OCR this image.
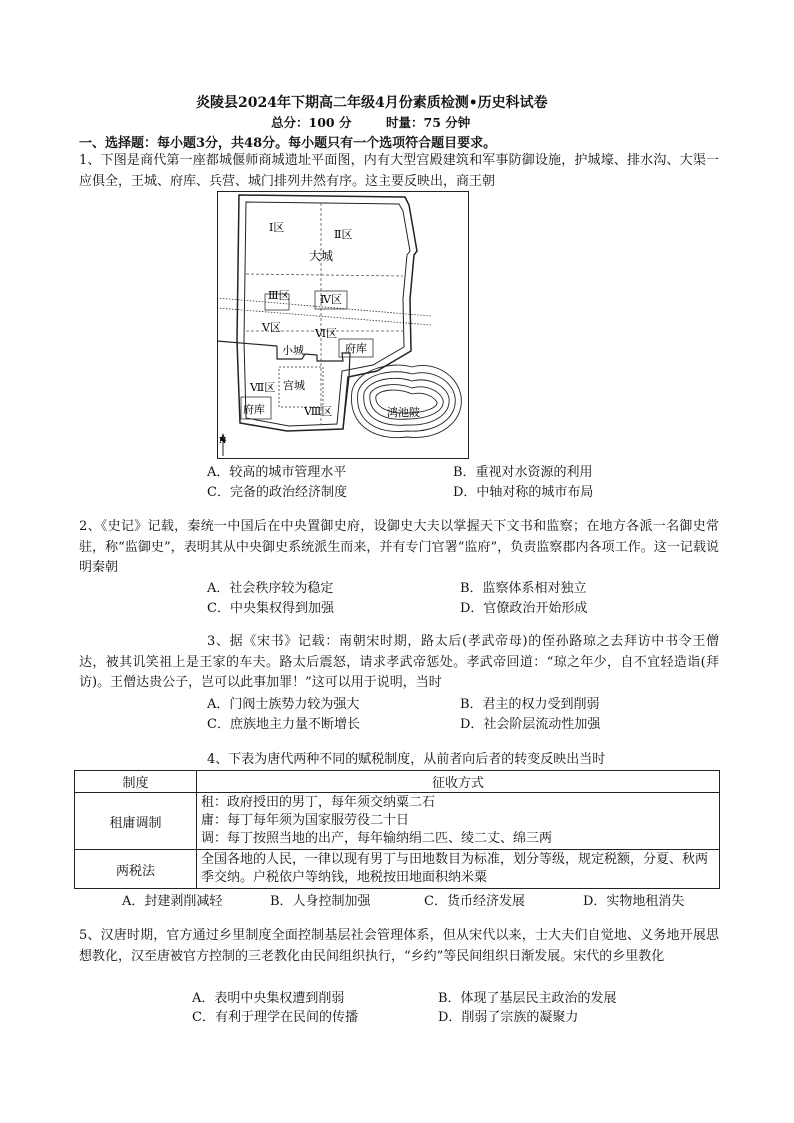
炎陵县2024年下期高二年级4月份素质检测•历史科试卷
总分：100 分	时量：75 分钟
一、选择题：每小题3分，共48分。每小题只有一个选项符合题目要求。
1、下图是商代第一座都城偃师商城遗址平面图，内有大型宫殿建筑和军事防御设施，护城壕、排水沟、大渠一应俱全，王城、府库、兵营、城门排列井然有序。这主要反映出，商王朝
Ⅰ区
Ⅱ区
大城
Ⅲ区	Ⅳ区
Ⅴ区	Ⅵ区
府库
小城
Ⅶ区 宫城
府库	Ⅷ区	鸿池陂
N
A．较高的城市管理水平	B．重视对水资源的利用
C．完备的政治经济制度	D．中轴对称的城市布局
2、《史记》记载，秦统一中国后在中央置御史府，设御史大夫以掌握天下文书和监察；在地方各派一名御史常驻，称“监御史”，表明其从中央御史系统派生而来，并有专门官署“监府”，负责监察郡内各项工作。这一记载说明秦朝
A．社会秩序较为稳定	B．监察体系相对独立
C．中央集权得到加强	D．官僚政治开始形成
3、据《宋书》记载：南朝宋时期，路太后(孝武帝母)的侄孙路琼之去拜访中书令王僧达，被其讥笑祖上是王家的车夫。路太后震怒，请求孝武帝惩处。孝武帝回道：“琼之年少，自不宜轻造诣(拜访)。王僧达贵公子，岂可以此事加罪！”这可以用于说明，当时
A．门阀士族势力较为强大	B．君主的权力受到削弱
C．庶族地主力量不断增长	D．社会阶层流动性加强
4、下表为唐代两种不同的赋税制度，从前者向后者的转变反映出当时
制度	征收方式
租庸调制	租：政府授田的男丁，每年须交纳粟二石
庸：每丁每年须为国家服劳役二十日
调：每丁按照当地的出产，每年输纳绢二匹、绫二丈、绵三两

两税法	全国各地的人民，一律以现有男丁与田地数目为标准，划分等级，规定税额，分夏、秋两季交纳。户税依户等纳钱，地税按田地面积纳米粟
A．封建剥削减轻	B．人身控制加强	C．货币经济发展	D．实物地租消失
5、汉唐时期，官方通过乡里制度全面控制基层社会管理体系，但从宋代以来，士大夫们自觉地、义务地开展思想教化，汉至唐被官方控制的三老教化由民间组织执行，“乡约”等民间组织日渐发展。宋代的乡里教化
A．表明中央集权遭到削弱	B．体现了基层民主政治的发展
C．有利于理学在民间的传播	D．削弱了宗族的凝聚力
